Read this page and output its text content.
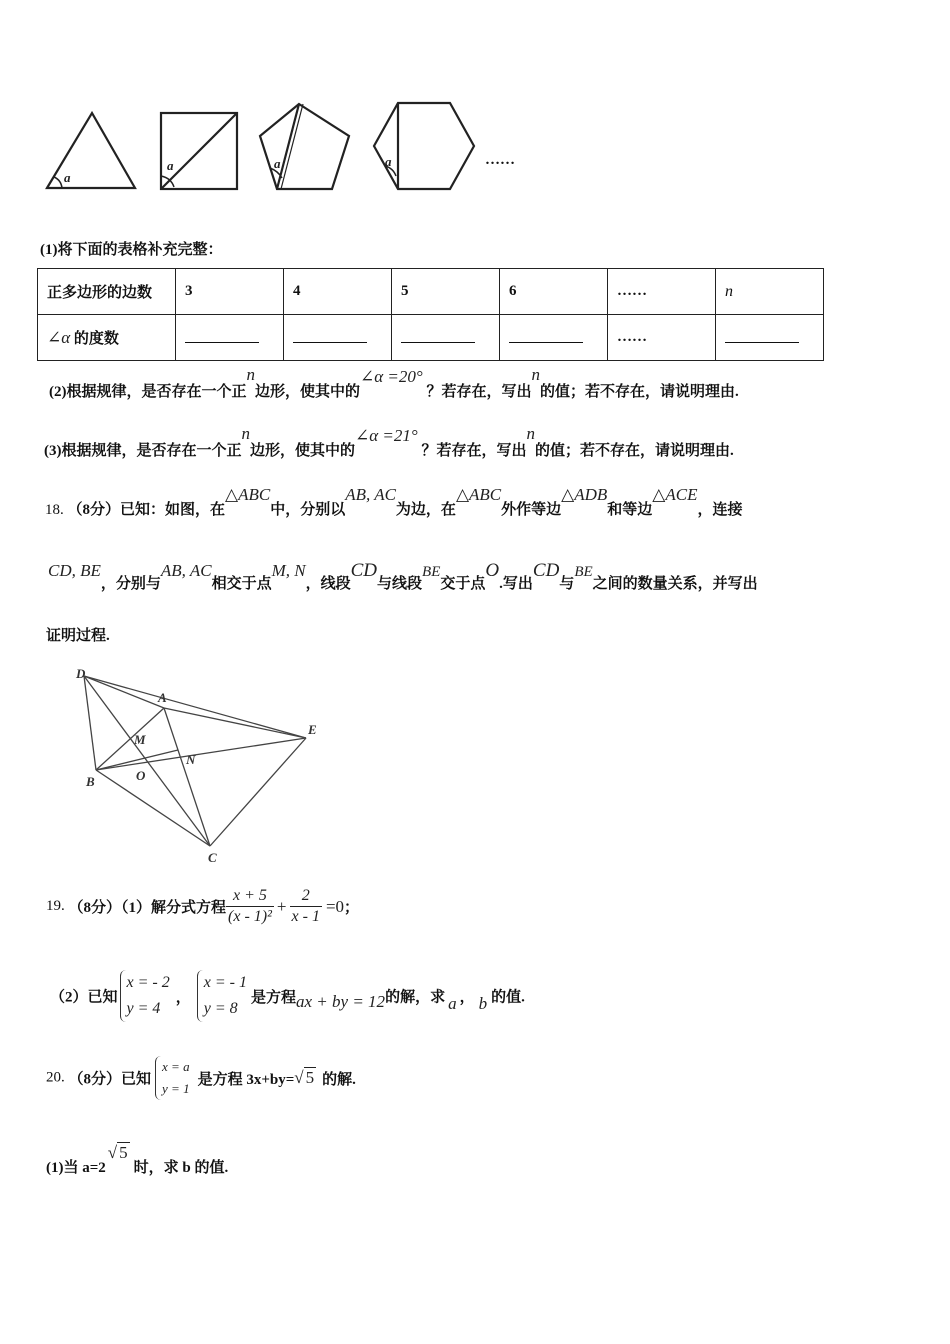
a
a	a	a	……
(1)将下面的表格补充完整：
正多边形的边数	3	4	5	6	……	n
∠α 的度数					……	
(2)根据规律，是否存在一个正n边形，使其中的∠α =20° ？若存在，写出n的值；若不存在，请说明理由.
(3)根据规律，是否存在一个正n边形，使其中的∠α =21° ？若存在，写出n的值；若不存在，请说明理由.
18. （8分）已知：如图，在△ABC中，分别以AB, AC为边，在△ABC外作等边△ADB和等边△ACE，连接
CD, BE，分别与AB, AC相交于点M, N，线段CD与线段BE交于点O.写出CD与BE之间的数量关系，并写出
证明过程.
D
A
E
M
B	O
N
C
19. （8分）（1）解分式方程 $\frac{x + 5}{\text{(x - 1)²}} + \frac{2}{x - 1} =0$；
（2）已知
x = - 2
y = 4
，
x = - 1
y = 8
是方程ax + by = 12的解，求 a ， b 的值.
20. （8分）已知
x = a
y = 1
是方程 3x+by=√ 5 的解.
(1)当 a=2√ 5时，求 b 的值.
